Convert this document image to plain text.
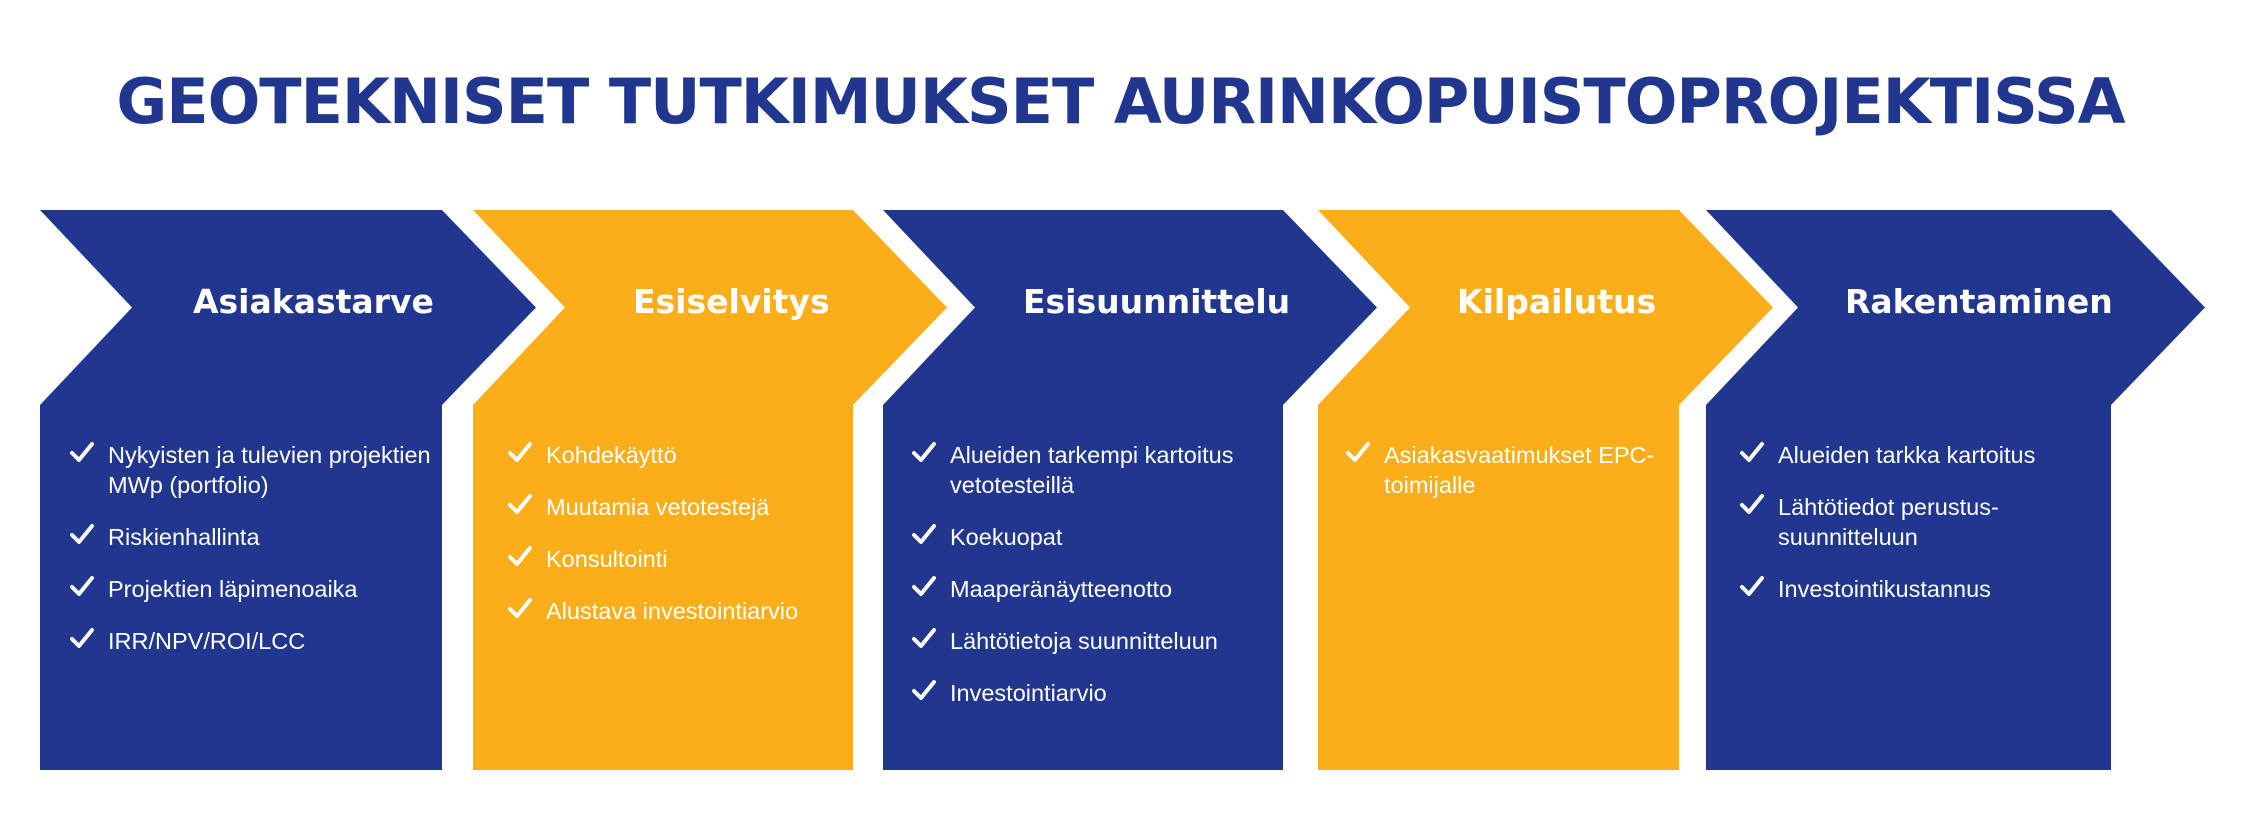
GEOTEKNISET TUTKIMUKSET AURINKOPUISTOPROJEKTISSA
Asiakastarve
Nykyisten ja tulevien projektien MWp (portfolio)
Riskienhallinta
Projektien läpimenoaika
IRR/NPV/ROI/LCC
Esiselvitys
Kohdekäyttö
Muutamia vetotestejä
Konsultointi
Alustava investointiarvio
Esisuunnittelu
Alueiden tarkempi kartoitus vetotesteillä
Koekuopat
Maaperänäytteenotto
Lähtötietoja suunnitteluun
Investointiarvio
Kilpailutus
Asiakasvaatimukset EPC-toimijalle
Rakentaminen
Alueiden tarkka kartoitus
Lähtötiedot perustus-suunnitteluun
Investointikustannus
